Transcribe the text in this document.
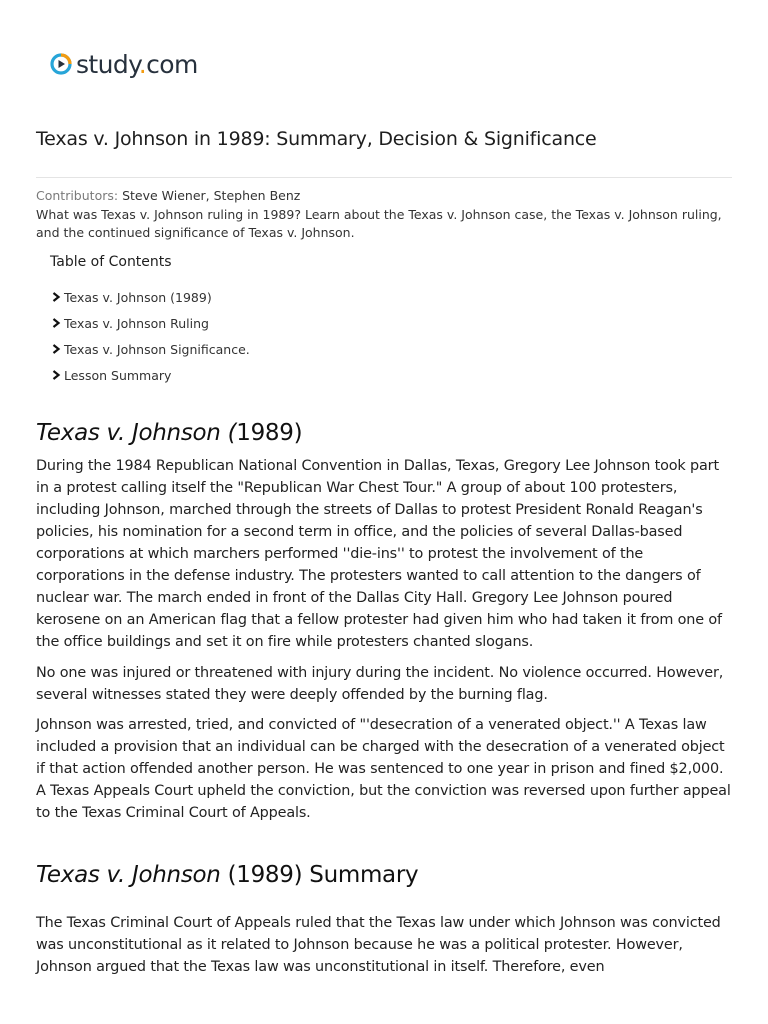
study.com
Texas v. Johnson in 1989: Summary, Decision & Significance
Contributors: Steve Wiener, Stephen Benz

What was Texas v. Johnson ruling in 1989? Learn about the Texas v. Johnson case, the Texas v. Johnson ruling, and the continued significance of Texas v. Johnson.

Table of Contents
Texas v. Johnson (1989)
Texas v. Johnson Ruling
Texas v. Johnson Significance.
Lesson Summary
Texas v. Johnson (1989)

During the 1984 Republican National Convention in Dallas, Texas, Gregory Lee Johnson took part in a protest calling itself the "Republican War Chest Tour." A group of about 100 protesters, including Johnson, marched through the streets of Dallas to protest President Ronald Reagan's policies, his nomination for a second term in office, and the policies of several Dallas-based corporations at which marchers performed ''die-ins'' to protest the involvement of the corporations in the defense industry. The protesters wanted to call attention to the dangers of nuclear war. The march ended in front of the Dallas City Hall. Gregory Lee Johnson poured kerosene on an American flag that a fellow protester had given him who had taken it from one of the office buildings and set it on fire while protesters chanted slogans.

No one was injured or threatened with injury during the incident. No violence occurred. However, several witnesses stated they were deeply offended by the burning flag.

Johnson was arrested, tried, and convicted of "'desecration of a venerated object.'' A Texas law included a provision that an individual can be charged with the desecration of a venerated object if that action offended another person. He was sentenced to one year in prison and fined $2,000. A Texas Appeals Court upheld the conviction, but the conviction was reversed upon further appeal to the Texas Criminal Court of Appeals.

Texas v. Johnson (1989) Summary

The Texas Criminal Court of Appeals ruled that the Texas law under which Johnson was convicted was unconstitutional as it related to Johnson because he was a political protester. However, Johnson argued that the Texas law was unconstitutional in itself. Therefore, even
